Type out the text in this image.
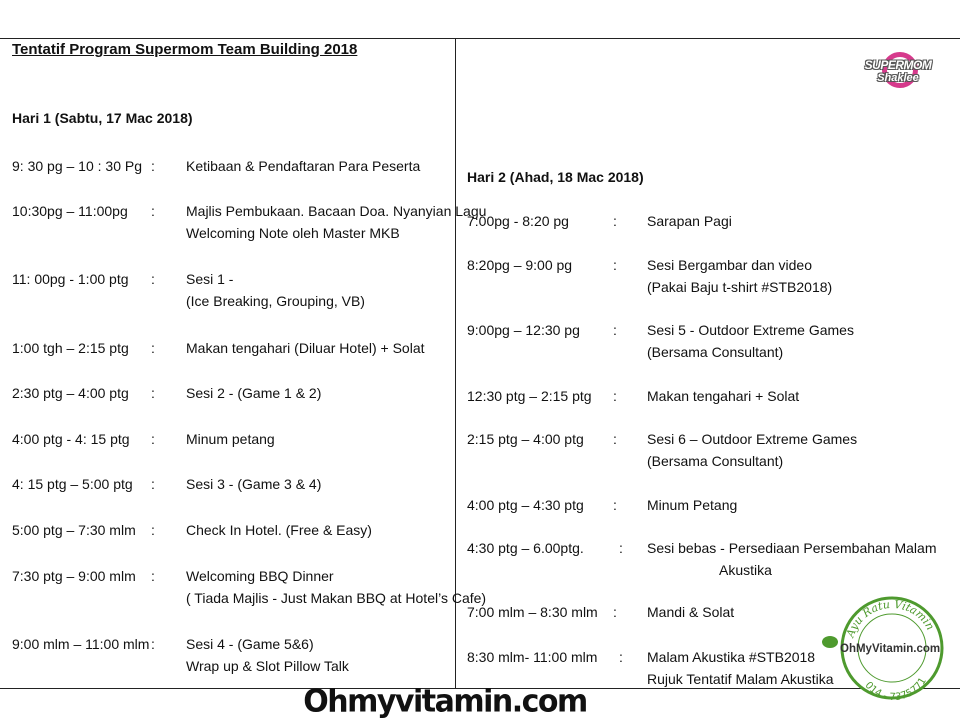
Tentatif Program Supermom Team Building 2018
SUPERMOM
Shaklee
Hari 1 (Sabtu, 17 Mac 2018)
9: 30 pg – 10 : 30 Pg : Ketibaan & Pendaftaran Para Peserta
10:30pg – 11:00pg : Majlis Pembukaan. Bacaan Doa. Nyanyian Lagu
Welcoming Note oleh Master MKB
11: 00pg - 1:00 ptg : Sesi 1 -
(Ice Breaking, Grouping, VB)
1:00 tgh – 2:15 ptg : Makan tengahari (Diluar Hotel) + Solat
2:30 ptg – 4:00 ptg : Sesi 2 - (Game 1 & 2)
4:00 ptg - 4: 15 ptg : Minum petang
4: 15 ptg – 5:00 ptg : Sesi 3 - (Game 3 & 4)
5:00 ptg – 7:30 mlm : Check In Hotel. (Free & Easy)
7:30 ptg – 9:00 mlm : Welcoming BBQ Dinner
( Tiada Majlis - Just Makan BBQ at Hotel’s Cafe)
9:00 mlm – 11:00 mlm : Sesi 4 - (Game 5&6)
Wrap up & Slot Pillow Talk
Hari 2 (Ahad, 18 Mac 2018)
7:00pg - 8:20 pg	: Sarapan Pagi
8:20pg – 9:00 pg	: Sesi Bergambar dan video
(Pakai Baju t-shirt #STB2018)
9:00pg – 12:30 pg : Sesi 5 - Outdoor Extreme Games
(Bersama Consultant)
12:30 ptg – 2:15 ptg : Makan tengahari + Solat
2:15 ptg – 4:00 ptg : Sesi 6 – Outdoor Extreme Games
(Bersama Consultant)
4:00 ptg – 4:30 ptg : Minum Petang
4:30 ptg – 6.00ptg.	: Sesi bebas - Persediaan Persembahan Malam
Akustika
7:00 mlm – 8:30 mlm : Mandi & Solat
8:30 mlm- 11:00 mlm : Malam Akustika #STB2018
Rujuk Tentatif Malam Akustika
Ayu Ratu Vitamin
014 - 7375771
OhMyVitamin.com
Ohmyvitamin.com
